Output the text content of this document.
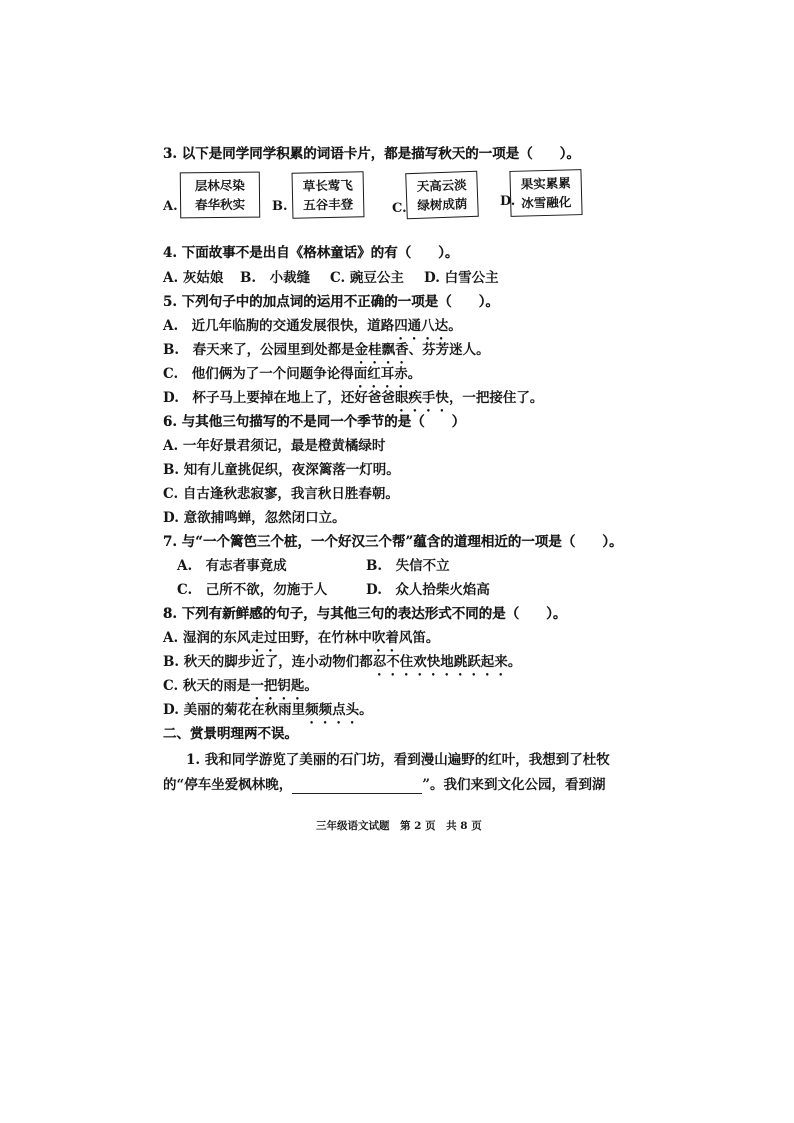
3. 以下是同学同学积累的词语卡片，都是描写秋天的一项是（　　）。
A.
层林尽染
春华秋实	B.
草长莺飞
五谷丰登	C.
天高云淡
绿树成荫	D.
果实累累
冰雪融化
4. 下面故事不是出自《格林童话》的有（　　）。
A. 灰姑娘 B.　小裁缝 C. 豌豆公主 D. 白雪公主
5. 下列句子中的加点词的运用不正确的一项是（　　）。
A.　近几年临朐的交通发展很快，道路四通八达。
B.　春天来了，公园里到处都是金桂飘香、芬芳迷人。
C.　他们俩为了一个问题争论得面红耳赤。
D.　杯子马上要掉在地上了，还好爸爸眼疾手快，一把接住了。
6. 与其他三句描写的不是同一个季节的是（　　）
A. 一年好景君须记，最是橙黄橘绿时
B. 知有儿童挑促织，夜深篱落一灯明。
C. 自古逢秋悲寂寥，我言秋日胜春朝。
D. 意欲捕鸣蝉，忽然闭口立。
7. 与“一个篱笆三个桩，一个好汉三个帮”蕴含的道理相近的一项是（　　）。
A.　有志者事竟成	B.　失信不立
C.　己所不欲，勿施于人	D.　众人拾柴火焰高
8. 下列有新鲜感的句子，与其他三句的表达形式不同的是（　　）。
A. 湿润的东风走过田野，在竹林中吹着风笛。
B. 秋天的脚步近了，连小动物们都忍不住欢快地跳跃起来。
C. 秋天的雨是一把钥匙。
D. 美丽的菊花在秋雨里频频点头。
二、赏景明理两不误。
1. 我和同学游览了美丽的石门坊，看到漫山遍野的红叶，我想到了杜牧
的“停车坐爱枫林晚，	”。我们来到文化公园，看到湖
三年级语文试题　第 2 页　共 8 页
